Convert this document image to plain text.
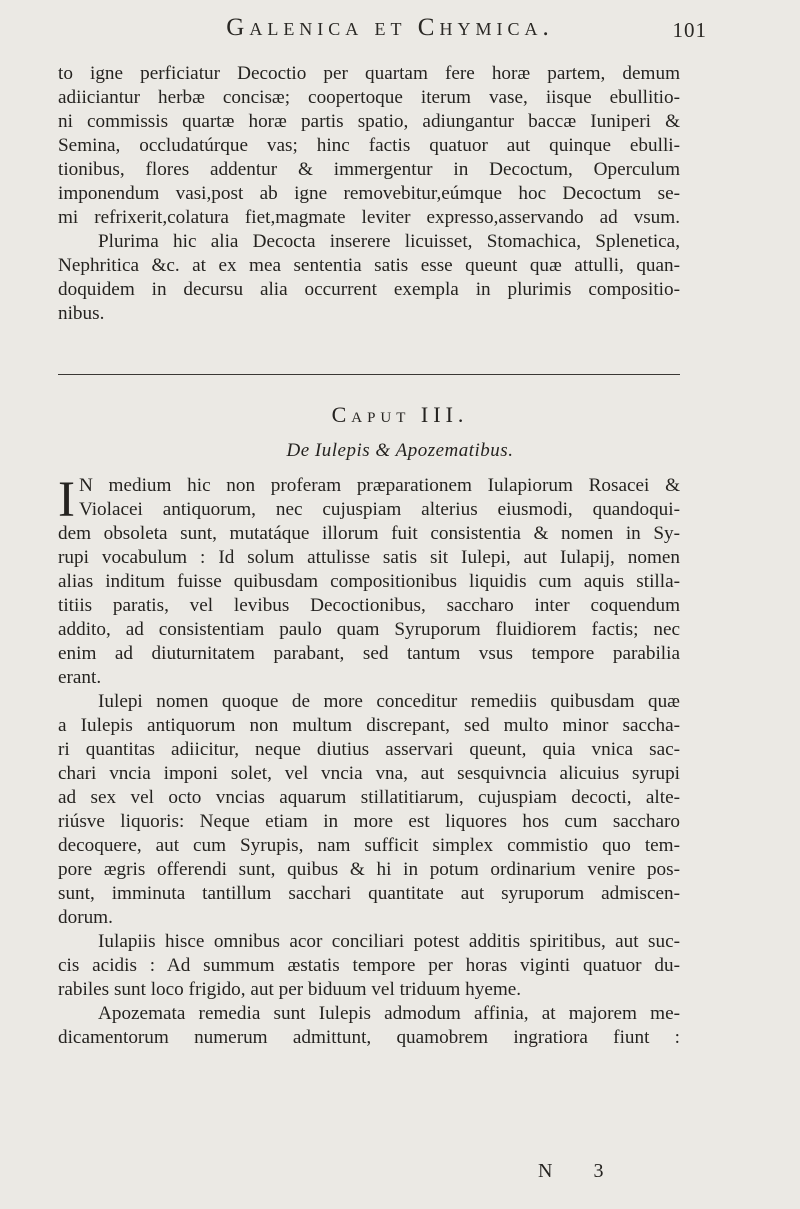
Galenica et Chymica.	101
to igne perficiatur Decoctio per quartam fere horæ partem, demum
adiiciantur herbæ concisæ; coopertoque iterum vase, iisque ebullitio-
ni commissis quartæ horæ partis spatio, adiungantur baccæ Iuniperi &
Semina, occludatúrque vas; hinc factis quatuor aut quinque ebulli-
tionibus, flores addentur & immergentur in Decoctum, Operculum
imponendum vasi,post ab igne removebitur,eúmque hoc Decoctum se-
mi refrixerit,colatura fiet,magmate leviter expresso,asservando ad vsum.
Plurima hic alia Decocta inserere licuisset, Stomachica, Splenetica,
Nephritica &c. at ex mea sententia satis esse queunt quæ attulli, quan-
doquidem in decursu alia occurrent exempla in plurimis compositio-
nibus.
Caput III.
De Iulepis & Apozematibus.
I N medium hic non proferam præparationem Iulapiorum Rosacei &
Violacei antiquorum, nec cujuspiam alterius eiusmodi, quandoqui-
dem obsoleta sunt, mutatáque illorum fuit consistentia & nomen in Sy-
rupi vocabulum : Id solum attulisse satis sit Iulepi, aut Iulapij, nomen
alias inditum fuisse quibusdam compositionibus liquidis cum aquis stilla-
titiis paratis, vel levibus Decoctionibus, saccharo inter coquendum
addito, ad consistentiam paulo quam Syruporum fluidiorem factis; nec
enim ad diuturnitatem parabant, sed tantum vsus tempore parabilia
erant.
Iulepi nomen quoque de more conceditur remediis quibusdam quæ
a Iulepis antiquorum non multum discrepant, sed multo minor saccha-
ri quantitas adiicitur, neque diutius asservari queunt, quia vnica sac-
chari vncia imponi solet, vel vncia vna, aut sesquivncia alicuius syrupi
ad sex vel octo vncias aquarum stillatitiarum, cujuspiam decocti, alte-
riúsve liquoris: Neque etiam in more est liquores hos cum saccharo
decoquere, aut cum Syrupis, nam sufficit simplex commistio quo tem-
pore ægris offerendi sunt, quibus & hi in potum ordinarium venire pos-
sunt, imminuta tantillum sacchari quantitate aut syruporum admiscen-
dorum.
Iulapiis hisce omnibus acor conciliari potest additis spiritibus, aut suc-
cis acidis : Ad summum æstatis tempore per horas viginti quatuor du-
rabiles sunt loco frigido, aut per biduum vel triduum hyeme.
Apozemata remedia sunt Iulepis admodum affinia, at majorem me-
dicamentorum numerum admittunt, quamobrem ingratiora fiunt :
N 3
